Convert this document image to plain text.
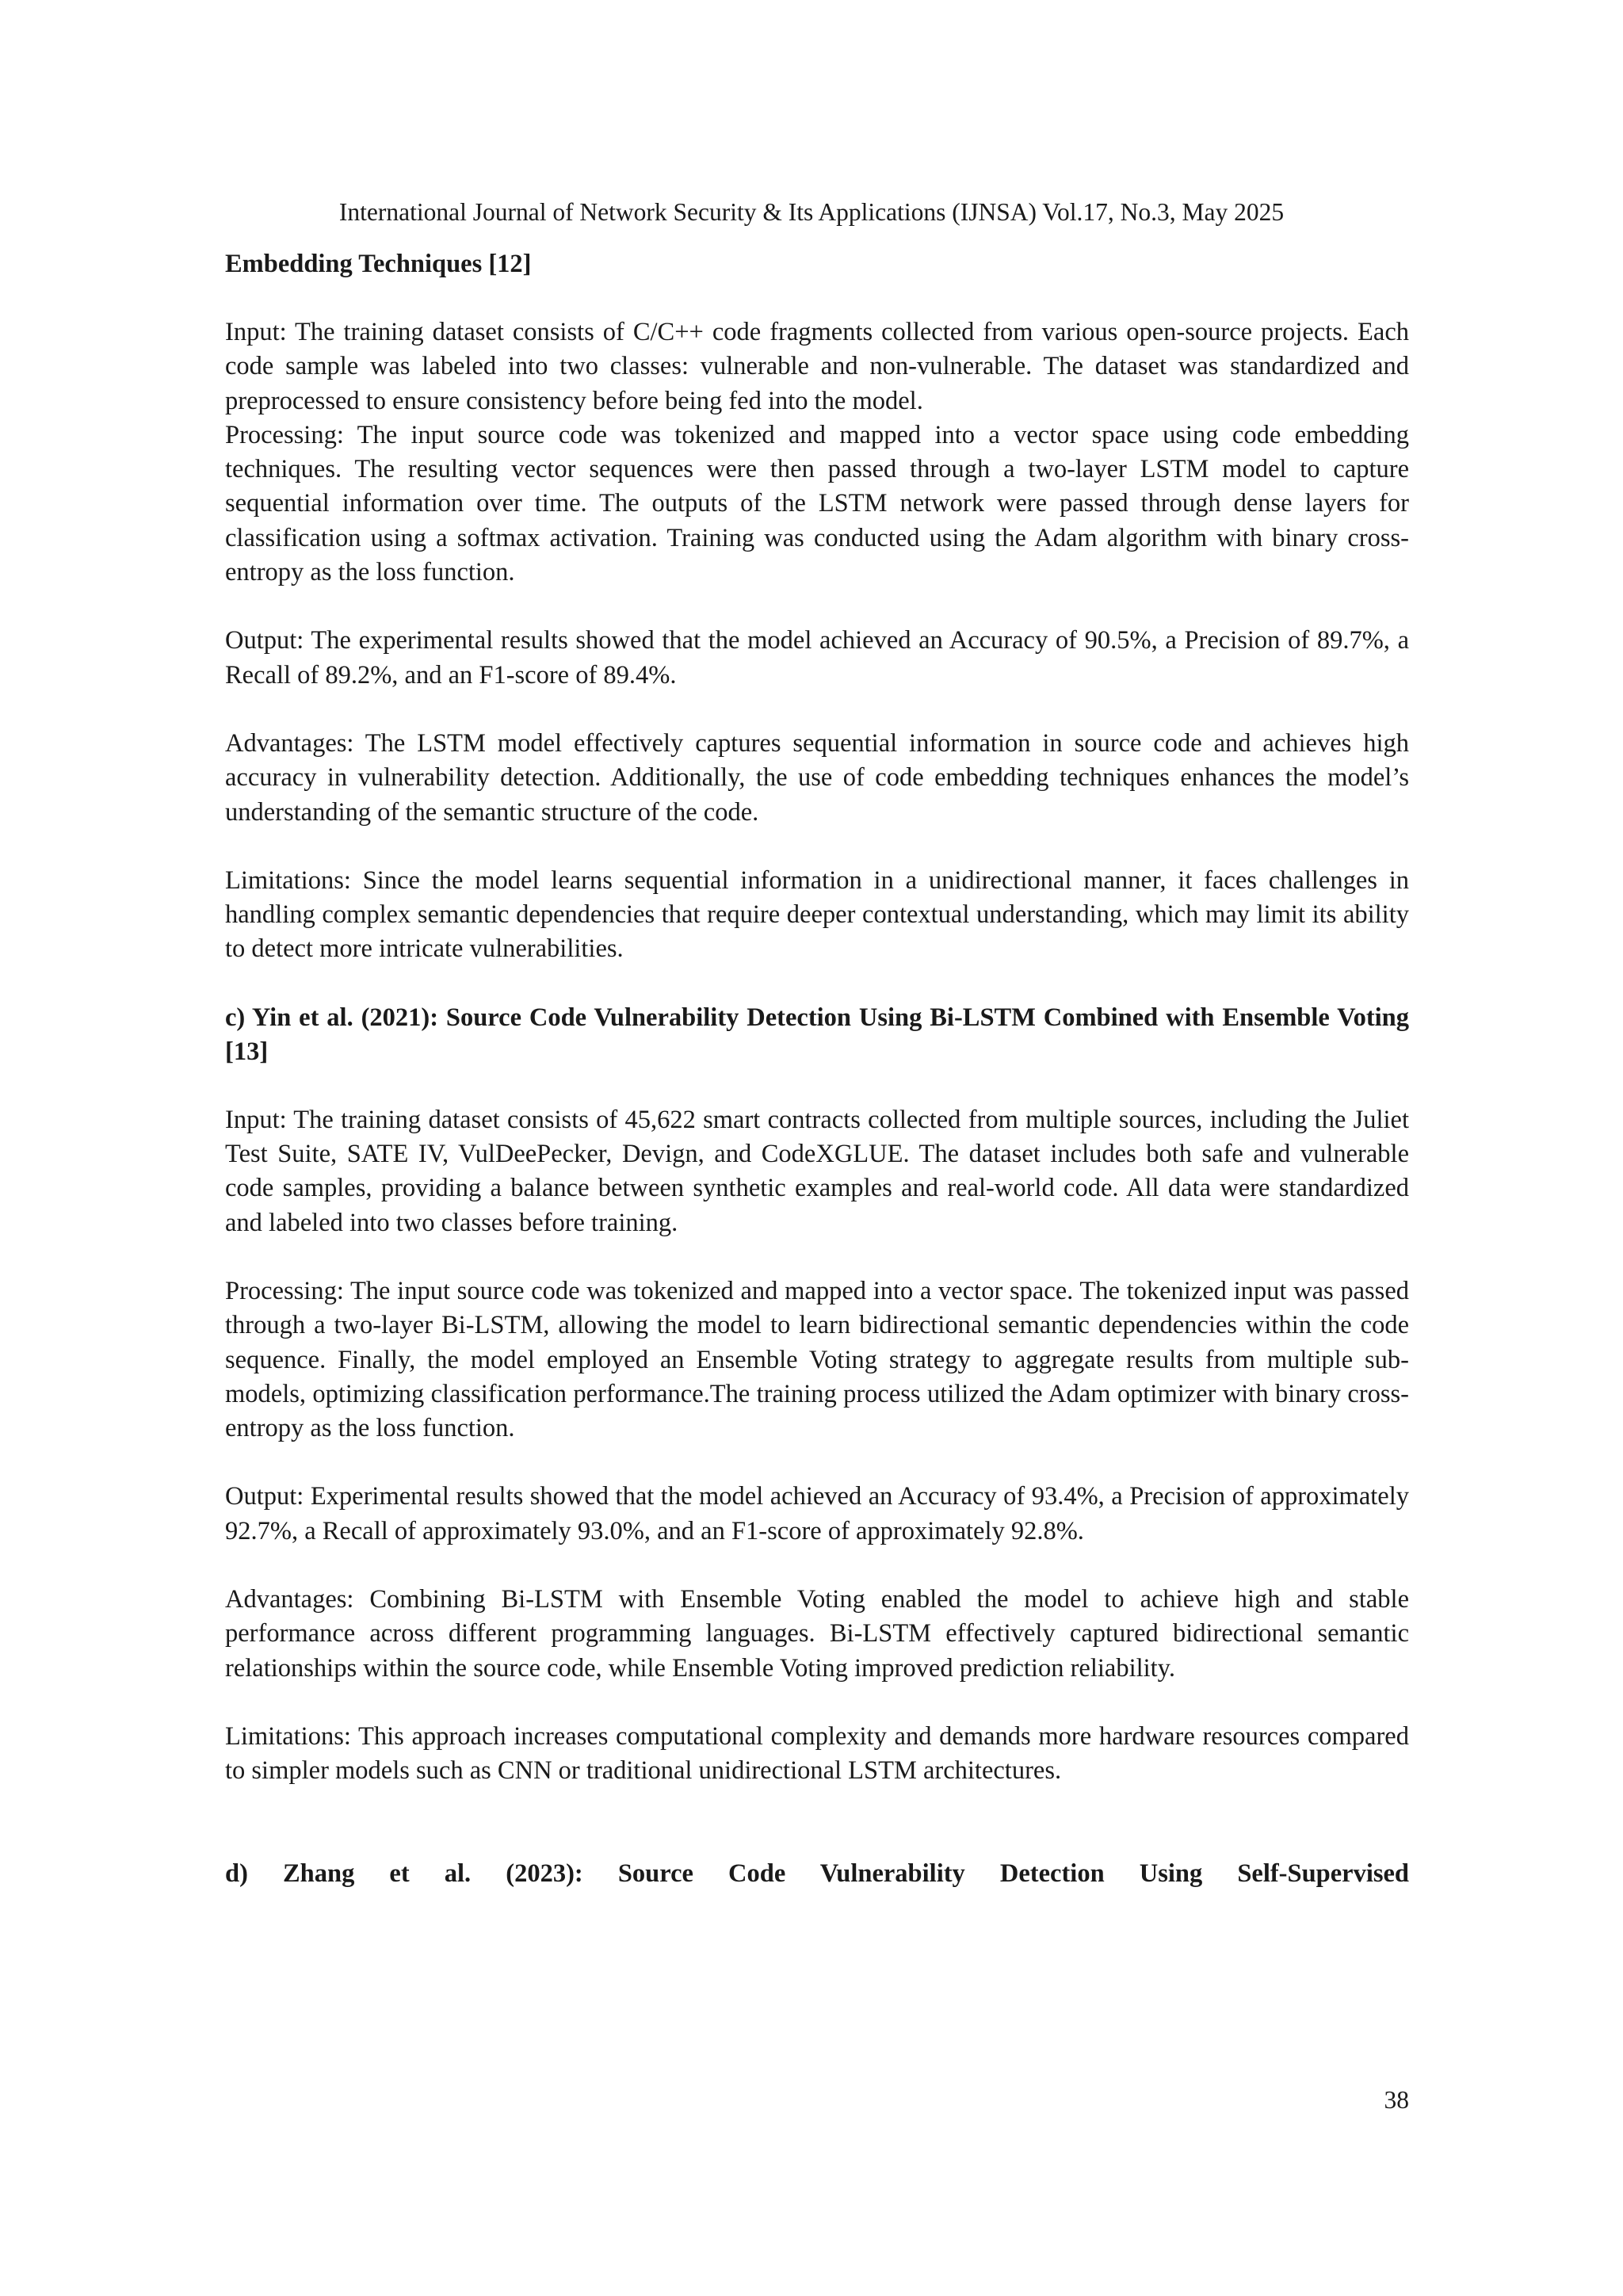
International Journal of Network Security & Its Applications (IJNSA) Vol.17, No.3, May 2025
Embedding Techniques [12]

Input: The training dataset consists of C/C++ code fragments collected from various open-source projects. Each code sample was labeled into two classes: vulnerable and non-vulnerable. The dataset was standardized and preprocessed to ensure consistency before being fed into the model.

Processing: The input source code was tokenized and mapped into a vector space using code embedding techniques. The resulting vector sequences were then passed through a two-layer LSTM model to capture sequential information over time. The outputs of the LSTM network were passed through dense layers for classification using a softmax activation. Training was conducted using the Adam algorithm with binary cross-entropy as the loss function.

Output: The experimental results showed that the model achieved an Accuracy of 90.5%, a Precision of 89.7%, a Recall of 89.2%, and an F1-score of 89.4%.

Advantages: The LSTM model effectively captures sequential information in source code and achieves high accuracy in vulnerability detection. Additionally, the use of code embedding techniques enhances the model’s understanding of the semantic structure of the code.

Limitations: Since the model learns sequential information in a unidirectional manner, it faces challenges in handling complex semantic dependencies that require deeper contextual understanding, which may limit its ability to detect more intricate vulnerabilities.

c) Yin et al. (2021): Source Code Vulnerability Detection Using Bi-LSTM Combined with Ensemble Voting [13]

Input: The training dataset consists of 45,622 smart contracts collected from multiple sources, including the Juliet Test Suite, SATE IV, VulDeePecker, Devign, and CodeXGLUE. The dataset includes both safe and vulnerable code samples, providing a balance between synthetic examples and real-world code. All data were standardized and labeled into two classes before training.

Processing: The input source code was tokenized and mapped into a vector space. The tokenized input was passed through a two-layer Bi-LSTM, allowing the model to learn bidirectional semantic dependencies within the code sequence. Finally, the model employed an Ensemble Voting strategy to aggregate results from multiple sub-models, optimizing classification performance.The training process utilized the Adam optimizer with binary cross-entropy as the loss function.

Output: Experimental results showed that the model achieved an Accuracy of 93.4%, a Precision of approximately 92.7%, a Recall of approximately 93.0%, and an F1-score of approximately 92.8%.

Advantages: Combining Bi-LSTM with Ensemble Voting enabled the model to achieve high and stable performance across different programming languages. Bi-LSTM effectively captured bidirectional semantic relationships within the source code, while Ensemble Voting improved prediction reliability.

Limitations: This approach increases computational complexity and demands more hardware resources compared to simpler models such as CNN or traditional unidirectional LSTM architectures.

d) Zhang et al. (2023): Source Code Vulnerability Detection Using Self-Supervised
38
